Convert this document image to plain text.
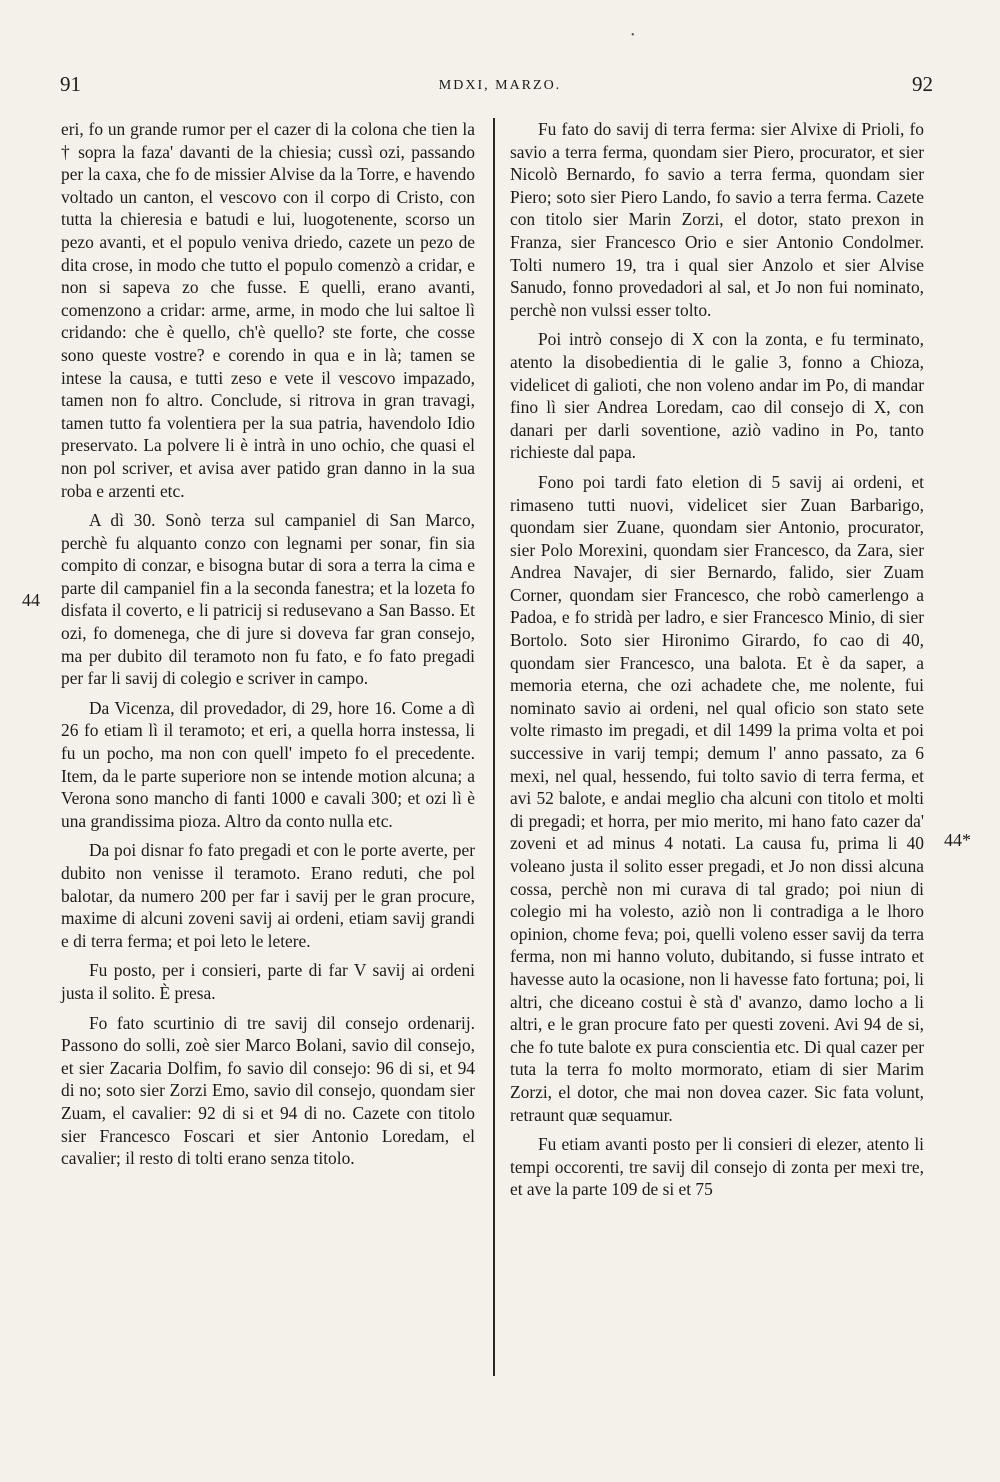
91	MDXI, MARZO.	92
•
44
44*

eri, fo un grande rumor per el cazer di la colona che tien la † sopra la faza' davanti de la chiesia; cussì ozi, passando per la caxa, che fo de missier Alvise da la Torre, e havendo voltado un canton, el vescovo con il corpo di Cristo, con tutta la chieresia e batudi e lui, luogotenente, scorso un pezo avanti, et el populo veniva driedo, cazete un pezo de dita crose, in modo che tutto el populo comenzò a cridar, e non si sapeva zo che fusse. E quelli, erano avanti, comenzono a cridar: arme, arme, in modo che lui saltoe lì cridando: che è quello, ch'è quello? ste forte, che cosse sono queste vostre? e corendo in qua e in là; tamen se intese la causa, e tutti zeso e vete il vescovo impazado, tamen non fo altro. Conclude, si ritrova in gran travagi, tamen tutto fa volentiera per la sua patria, havendolo Idio preservato. La polvere li è intrà in uno ochio, che quasi el non pol scriver, et avisa aver patido gran danno in la sua roba e arzenti etc.

A dì 30. Sonò terza sul campaniel di San Marco, perchè fu alquanto conzo con legnami per sonar, fin sia compito di conzar, e bisogna butar di sora a terra la cima e parte dil campaniel fin a la seconda fanestra; et la lozeta fo disfata il coverto, e li patricij si redusevano a San Basso. Et ozi, fo domenega, che di jure si doveva far gran consejo, ma per dubito dil teramoto non fu fato, e fo fato pregadi per far li savij di colegio e scriver in campo.

Da Vicenza, dil provedador, di 29, hore 16. Come a dì 26 fo etiam lì il teramoto; et eri, a quella horra instessa, li fu un pocho, ma non con quell' impeto fo el precedente. Item, da le parte superiore non se intende motion alcuna; a Verona sono mancho di fanti 1000 e cavali 300; et ozi lì è una grandissima pioza. Altro da conto nulla etc.

Da poi disnar fo fato pregadi et con le porte averte, per dubito non venisse il teramoto. Erano reduti, che pol balotar, da numero 200 per far i savij per le gran procure, maxime di alcuni zoveni savij ai ordeni, etiam savij grandi e di terra ferma; et poi leto le letere.

Fu posto, per i consieri, parte di far V savij ai ordeni justa il solito. È presa.

Fo fato scurtinio di tre savij dil consejo ordenarij. Passono do solli, zoè sier Marco Bolani, savio dil consejo, et sier Zacaria Dolfim, fo savio dil consejo: 96 di si, et 94 di no; soto sier Zorzi Emo, savio dil consejo, quondam sier Zuam, el cavalier: 92 di si et 94 di no. Cazete con titolo sier Francesco Foscari et sier Antonio Loredam, el cavalier; il resto di tolti erano senza titolo.

Fu fato do savij di terra ferma: sier Alvixe di Prioli, fo savio a terra ferma, quondam sier Piero, procurator, et sier Nicolò Bernardo, fo savio a terra ferma, quondam sier Piero; soto sier Piero Lando, fo savio a terra ferma. Cazete con titolo sier Marin Zorzi, el dotor, stato prexon in Franza, sier Francesco Orio e sier Antonio Condolmer. Tolti numero 19, tra i qual sier Anzolo et sier Alvise Sanudo, fonno provedadori al sal, et Jo non fui nominato, perchè non vulssi esser tolto.

Poi intrò consejo di X con la zonta, e fu terminato, atento la disobedientia di le galie 3, fonno a Chioza, videlicet di galioti, che non voleno andar im Po, di mandar fino lì sier Andrea Loredam, cao dil consejo di X, con danari per darli soventione, aziò vadino in Po, tanto richieste dal papa.

Fono poi tardi fato eletion di 5 savij ai ordeni, et rimaseno tutti nuovi, videlicet sier Zuan Barbarigo, quondam sier Zuane, quondam sier Antonio, procurator, sier Polo Morexini, quondam sier Francesco, da Zara, sier Andrea Navajer, di sier Bernardo, falido, sier Zuam Corner, quondam sier Francesco, che robò camerlengo a Padoa, e fo stridà per ladro, e sier Francesco Minio, di sier Bortolo. Soto sier Hironimo Girardo, fo cao di 40, quondam sier Francesco, una balota. Et è da saper, a memoria eterna, che ozi achadete che, me nolente, fui nominato savio ai ordeni, nel qual oficio son stato sete volte rimasto im pregadi, et dil 1499 la prima volta et poi successive in varij tempi; demum l' anno passato, za 6 mexi, nel qual, hessendo, fui tolto savio di terra ferma, et avi 52 balote, e andai meglio cha alcuni con titolo et molti di pregadi; et horra, per mio merito, mi hano fato cazer da' zoveni et ad minus 4 notati. La causa fu, prima li 40 voleano justa il solito esser pregadi, et Jo non dissi alcuna cossa, perchè non mi curava di tal grado; poi niun di colegio mi ha volesto, aziò non li contradiga a le lhoro opinion, chome feva; poi, quelli voleno esser savij da terra ferma, non mi hanno voluto, dubitando, si fusse intrato et havesse auto la ocasione, non li havesse fato fortuna; poi, li altri, che diceano costui è stà d' avanzo, damo locho a li altri, e le gran procure fato per questi zoveni. Avi 94 de si, che fo tute balote ex pura conscientia etc. Di qual cazer per tuta la terra fo molto mormorato, etiam di sier Marim Zorzi, el dotor, che mai non dovea cazer. Sic fata volunt, retraunt quæ sequamur.

Fu etiam avanti posto per li consieri di elezer, atento li tempi occorenti, tre savij dil consejo di zonta per mexi tre, et ave la parte 109 de si et 75
